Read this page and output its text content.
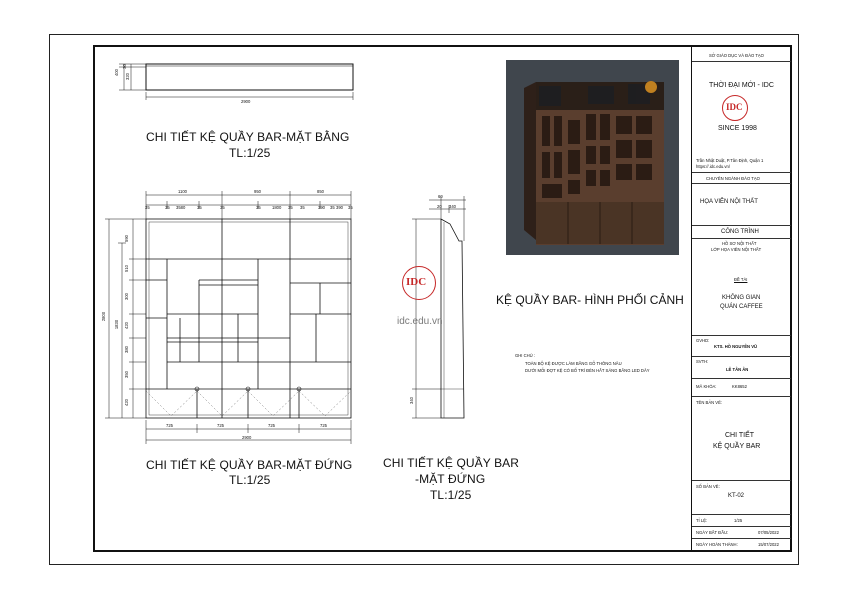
2900
400
30
320
CHI TIẾT KỆ QUẦY BAR-MẶT BẰNG
TL:1/25
1100	950	850
35	35 3580	35	35	35	1800 35 35	390 35 390 35
2800
1830
590
510
300
420
380
350
420
725	725	725	725
2900
CHI TIẾT KỆ QUẦY BAR-MẶT ĐỨNG
TL:1/25
60
20 340
340
CHI TIẾT KỆ QUẦY BAR
-MẶT ĐỨNG
TL:1/25
IDC
idc.edu.vn
KỆ QUẦY BAR- HÌNH PHỐI CẢNH
GHI CHÚ :
TOÀN BỘ KỆ ĐƯỢC LÀM BẰNG GỖ THÔNG NÂU
DƯỚI MỖI ĐỢT KỆ CÓ BỐ TRÍ ĐÈN HẮT SÁNG BẰNG LED DÂY
SỞ GIÁO DỤC VÀ ĐÀO TẠO
THỜI ĐẠI MỚI - IDC
IDC
SINCE 1998
Trần Nhật Duật, P.Tân Định, Quận 1
https://.idc.edu.vn/
CHUYÊN NGÀNH ĐÀO TẠO
HỌA VIÊN NỘI THẤT
CÔNG TRÌNH
HỒ SƠ NỘI THẤT
LỚP HỌA VIÊN NỘI THẤT
ĐỀ TÀI
KHÔNG GIAN
QUÁN CAFFEE
GVHD:
KTS. HỒ NGUYÊN VŨ
SVTH:
LÊ TÂN ÂN
MÃ KHÓA:	KK8652
TÊN BẢN VẼ:
CHI TIẾT
KỆ QUẦY BAR
SỐ BẢN VẼ:
KT-02
TỈ LỆ:	1/25
NGÀY BẮT ĐẦU:	07/05/2022
NGÀY HOÀN THÀNH:	15/07/2022
